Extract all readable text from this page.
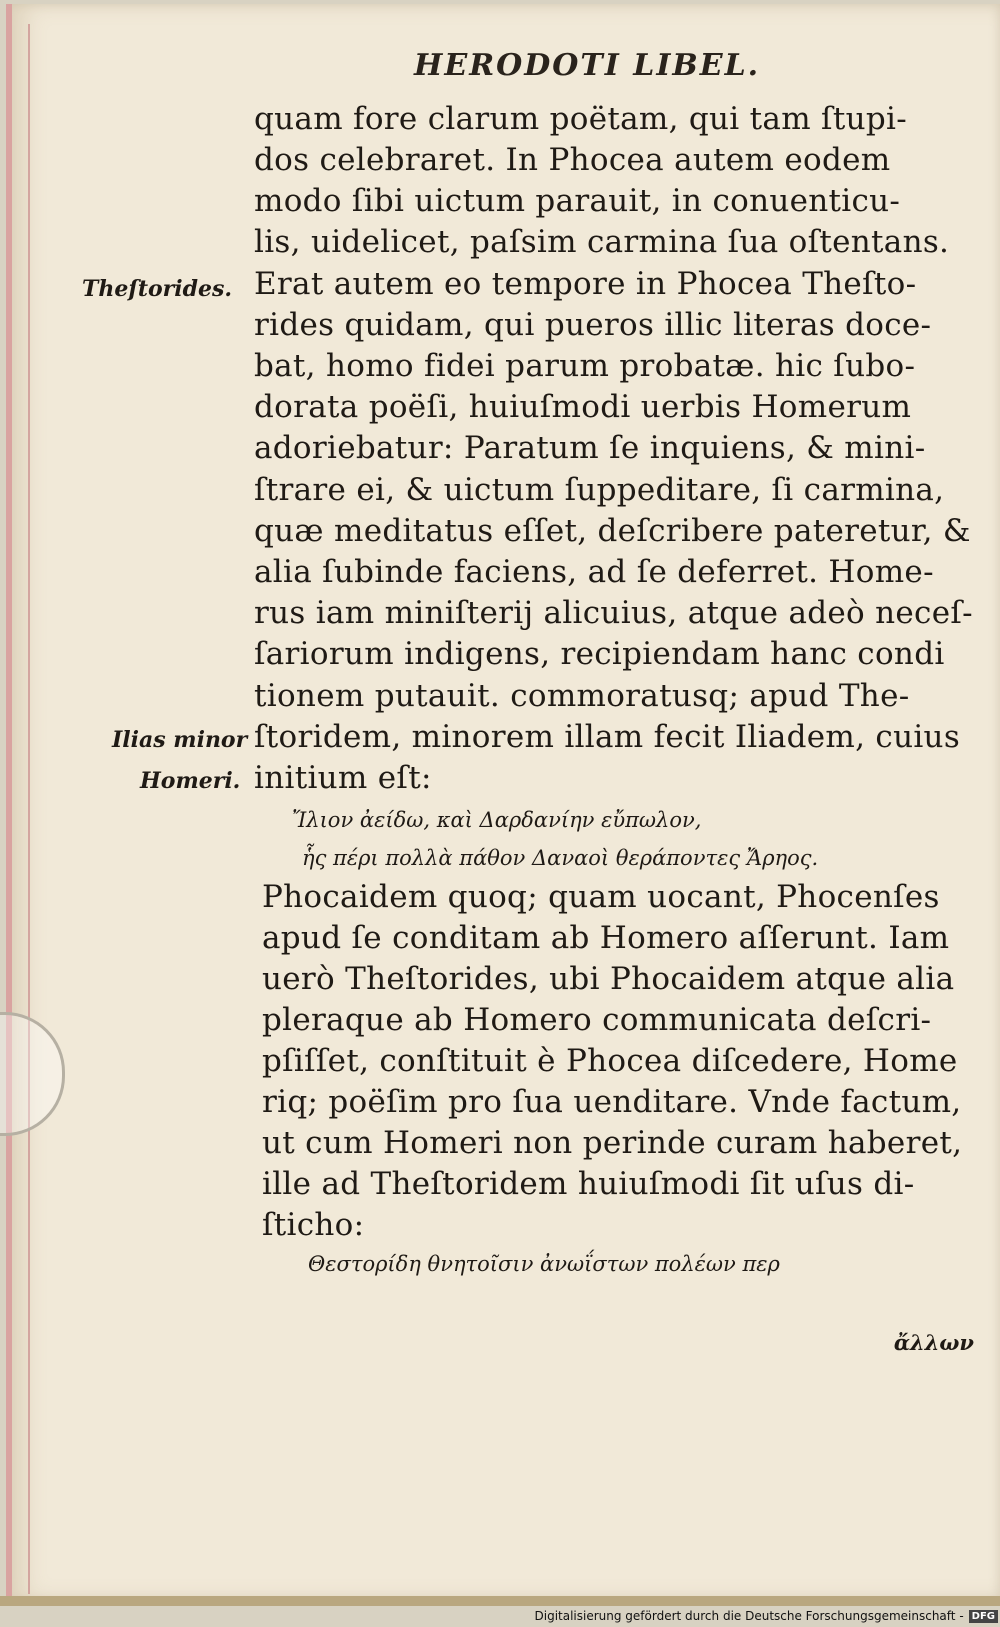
HERODOTI LIBEL.
quam fore clarum poëtam, qui tam ſtupi-
dos celebraret. In Phocea autem eodem
modo ſibi uictum parauit, in conuenticu-
lis, uidelicet, paſsim carmina ſua oſtentans.
Erat autem eo tempore in Phocea Theſto-
rides quidam, qui pueros illic literas doce-
bat, homo fidei parum probatæ. hic ſubo-
dorata poëſi, huiuſmodi uerbis Homerum
adoriebatur: Paratum ſe inquiens, & mini-
ſtrare ei, & uictum ſuppeditare, ſi carmina,
quæ meditatus eſſet, deſcribere pateretur, &
alia ſubinde faciens, ad ſe deferret. Home-
rus iam miniſterij alicuius, atque adeò neceſ-
ſariorum indigens, recipiendam hanc condi
tionem putauit. commoratusq; apud The-
ſtoridem, minorem illam fecit Iliadem, cuius
initium eſt:
Ἴλιον ἀείδω, καὶ Δαρδανίην εὔπωλον,
ἧς πέρι πολλὰ πάθον Δαναοὶ θεράποντες Ἄρηος.
Phocaidem quoq; quam uocant, Phocenſes
apud ſe conditam ab Homero aſſerunt. Iam
uerò Theſtorides, ubi Phocaidem atque alia
pleraque ab Homero communicata deſcri-
pſiſſet, conſtituit è Phocea diſcedere, Home
riq; poëſim pro ſua uenditare. Vnde factum,
ut cum Homeri non perinde curam haberet,
ille ad Theſtoridem huiuſmodi ſit uſus di-
ſticho:
Θεστορίδη θνητοῖσιν ἀνωΐστων πολέων περ
ἄλλων
Theſtorides.
Ilias minor
Homeri.
Digitalisierung gefördert durch die Deutsche Forschungsgemeinschaft - DFG
